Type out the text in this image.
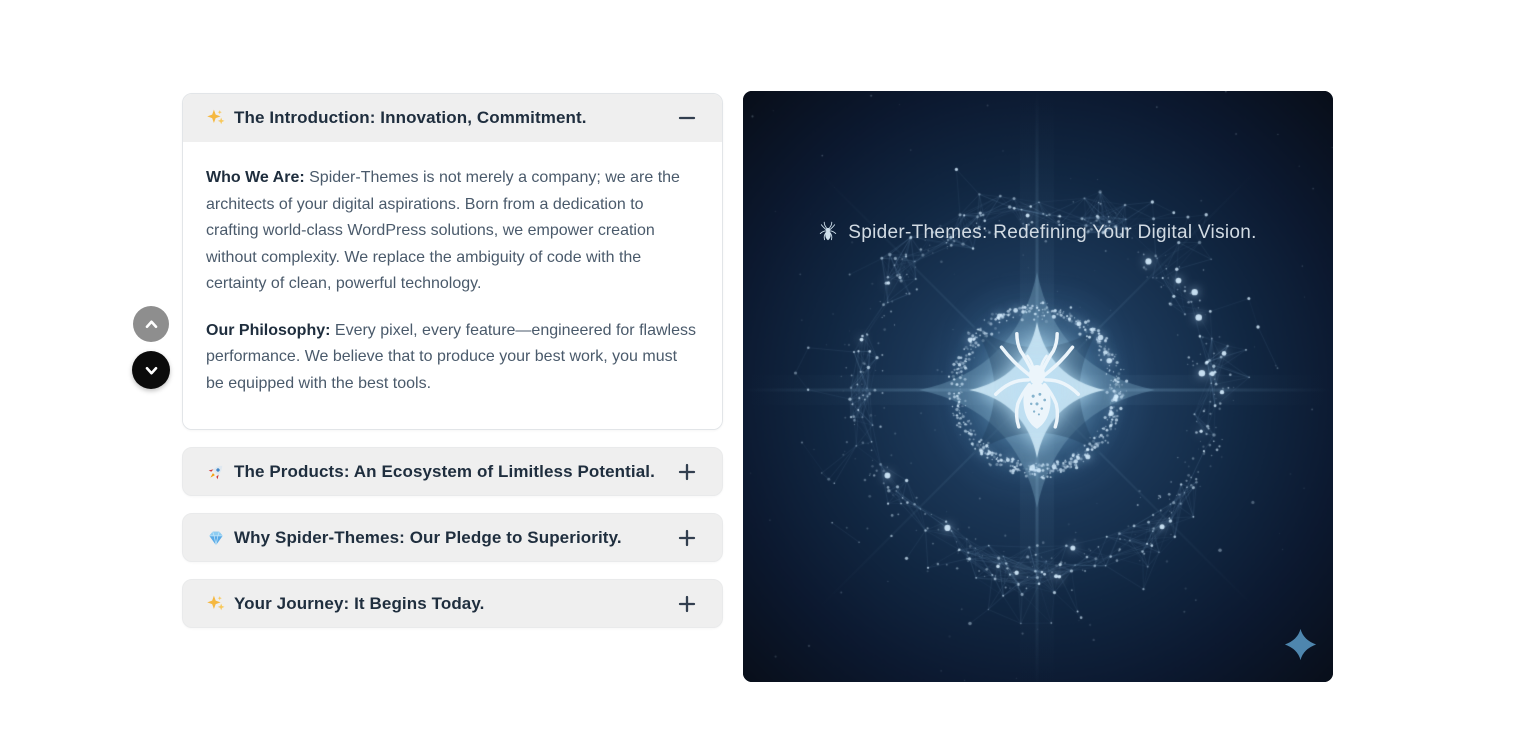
The Introduction: Innovation, Commitment.

Who We Are: Spider-Themes is not merely a company; we are the architects of your digital aspirations. Born from a dedication to crafting world-class WordPress solutions, we empower creation without complexity. We replace the ambiguity of code with the certainty of clean, powerful technology.

Our Philosophy: Every pixel, every feature—engineered for flawless performance. We believe that to produce your best work, you must be equipped with the best tools.

The Products: An Ecosystem of Limitless Potential.
Why Spider-Themes: Our Pledge to Superiority.
Your Journey: It Begins Today.
Spider-Themes: Redefining Your Digital Vision.
